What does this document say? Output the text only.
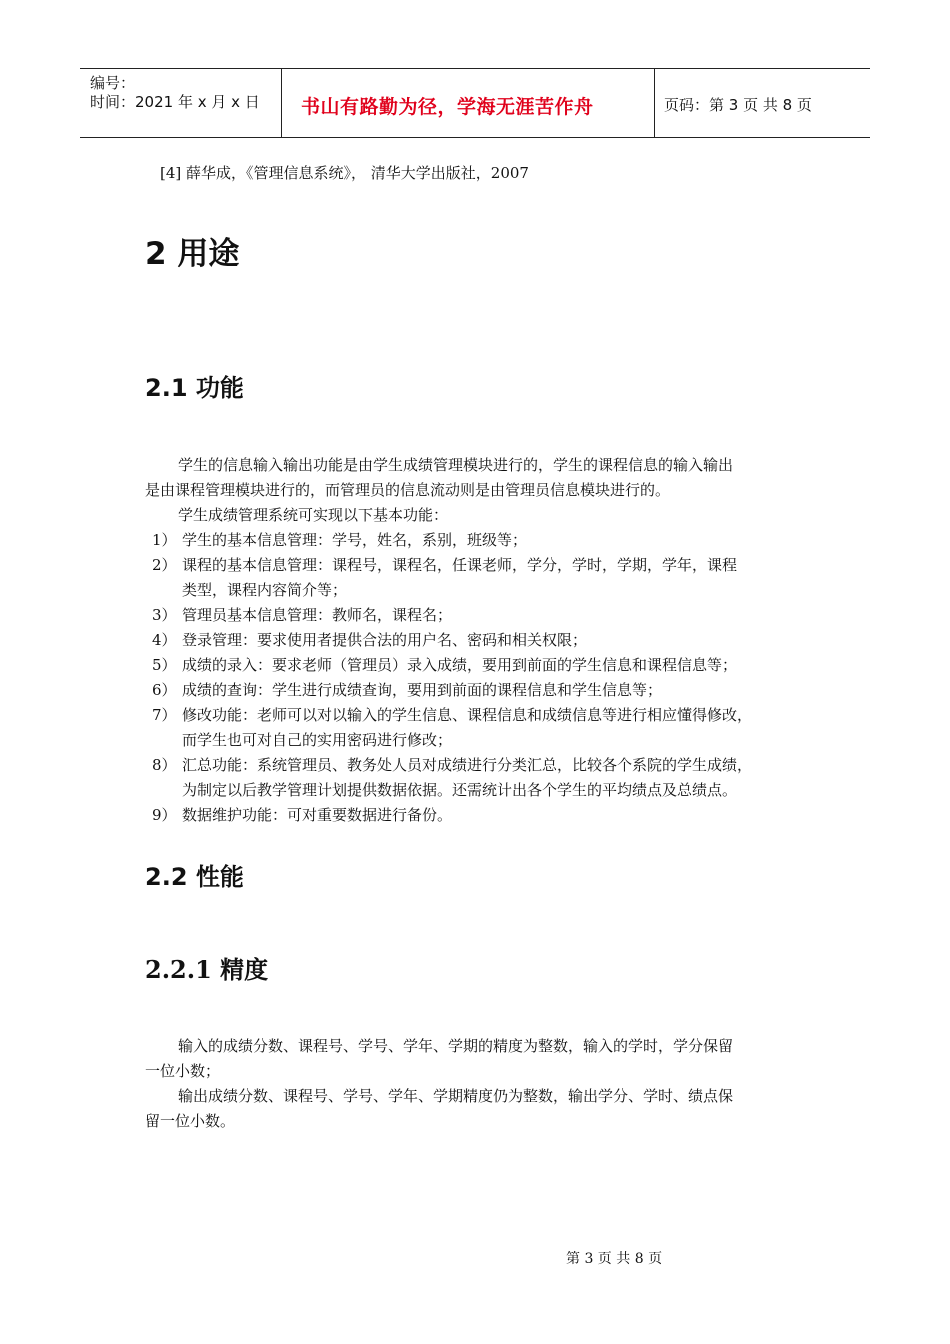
编号：
时间：2021 年 x 月 x 日 书山有路勤为径，学海无涯苦作舟	页码：第 3 页 共 8 页
[4] 薛华成，《管理信息系统》， 清华大学出版社，2007
2 用途
2.1 功能
学生的信息输入输出功能是由学生成绩管理模块进行的，学生的课程信息的输入输出
是由课程管理模块进行的，而管理员的信息流动则是由管理员信息模块进行的。
学生成绩管理系统可实现以下基本功能：
1） 学生的基本信息管理：学号，姓名，系别，班级等；
2） 课程的基本信息管理：课程号，课程名，任课老师，学分，学时，学期，学年，课程
类型，课程内容简介等；
3） 管理员基本信息管理：教师名，课程名；
4） 登录管理：要求使用者提供合法的用户名、密码和相关权限；
5） 成绩的录入：要求老师（管理员）录入成绩，要用到前面的学生信息和课程信息等；
6） 成绩的查询：学生进行成绩查询，要用到前面的课程信息和学生信息等；
7） 修改功能：老师可以对以输入的学生信息、课程信息和成绩信息等进行相应懂得修改，
而学生也可对自己的实用密码进行修改；
8） 汇总功能：系统管理员、教务处人员对成绩进行分类汇总，比较各个系院的学生成绩，
为制定以后教学管理计划提供数据依据。还需统计出各个学生的平均绩点及总绩点。
9） 数据维护功能：可对重要数据进行备份。
2.2 性能
2.2.1 精度
输入的成绩分数、课程号、学号、学年、学期的精度为整数，输入的学时，学分保留
一位小数；
输出成绩分数、课程号、学号、学年、学期精度仍为整数，输出学分、学时、绩点保
留一位小数。
第 3 页 共 8 页
